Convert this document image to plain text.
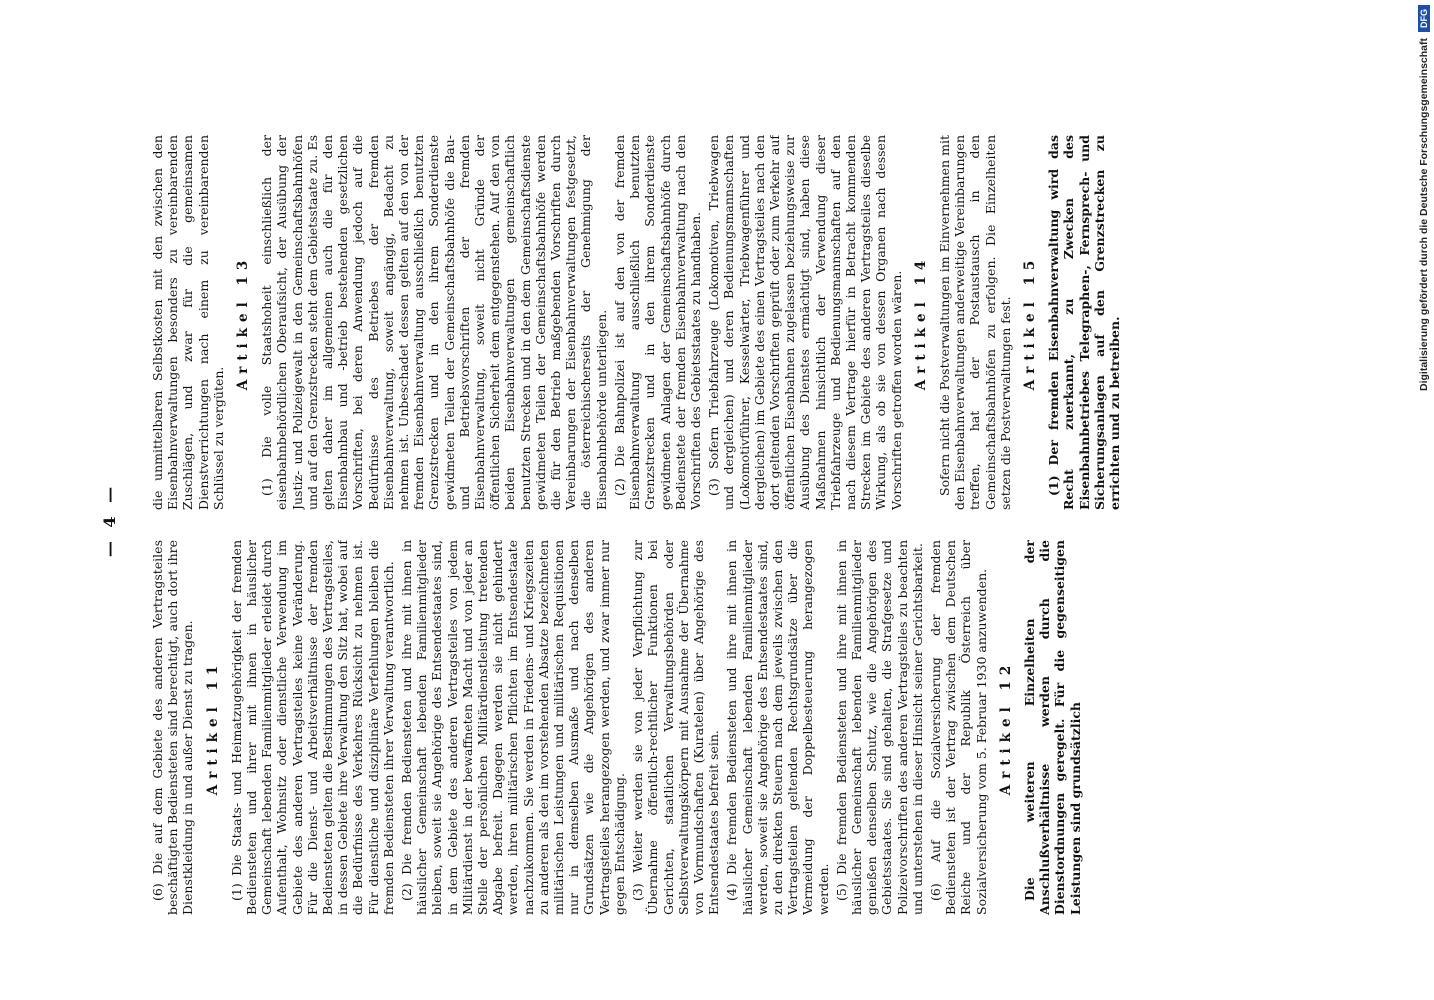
— 4 —

(6) Die auf dem Gebiete des anderen Vertragsteiles beschäftigten Bediensteten sind berechtigt, auch dort ihre Dienstkleidung in und außer Dienst zu tragen. Artikel 11 (1) Die Staats- und Heimatzugehörigkeit der fremden Bediensteten und ihrer mit ihnen in häuslicher Gemeinschaft lebenden Familienmitglieder erleidet durch Aufenthalt, Wohnsitz oder dienstliche Verwendung im Gebiete des anderen Vertragsteiles keine Veränderung. Für die Dienst- und Arbeitsverhältnisse der fremden Bediensteten gelten die Bestimmungen des Vertragsteiles, in dessen Gebiete ihre Verwaltung den Sitz hat, wobei auf die Bedürfnisse des Verkehres Rücksicht zu nehmen ist. Für dienstliche und disziplinäre Verfehlungen bleiben die fremden Bediensteten ihrer Verwaltung verantwortlich. (2) Die fremden Bediensteten und ihre mit ihnen in häuslicher Gemeinschaft lebenden Familienmitglieder bleiben, soweit sie Angehörige des Entsendestaates sind, in dem Gebiete des anderen Vertragsteiles von jedem Militärdienst in der bewaffneten Macht und von jeder an Stelle der persönlichen Militärdienstleistung tretenden Abgabe befreit. Dagegen werden sie nicht gehindert werden, ihren militärischen Pflichten im Entsendestaate nachzukommen. Sie werden in Friedens- und Kriegszeiten zu anderen als den im vorstehenden Absatze bezeichneten militärischen Leistungen und militärischen Requisitionen nur in demselben Ausmaße und nach denselben Grundsätzen wie die Angehörigen des anderen Vertragsteiles herangezogen werden, und zwar immer nur gegen Entschädigung. (3) Weiter werden sie von jeder Verpflichtung zur Übernahme öffentlich-rechtlicher Funktionen bei Gerichten, staatlichen Verwaltungsbehörden oder Selbstverwaltungskörpern mit Ausnahme der Übernahme von Vormundschaften (Kuratelen) über Angehörige des Entsendestaates befreit sein. (4) Die fremden Bediensteten und ihre mit ihnen in häuslicher Gemeinschaft lebenden Familienmitglieder werden, soweit sie Angehörige des Entsendestaates sind, zu den direkten Steuern nach dem jeweils zwischen den Vertragsteilen geltenden Rechtsgrundsätze über die Vermeidung der Doppelbesteuerung herangezogen werden. (5) Die fremden Bediensteten und ihre mit ihnen in häuslicher Gemeinschaft lebenden Familienmitglieder genießen denselben Schutz, wie die Angehörigen des Gebietsstaates. Sie sind gehalten, die Strafgesetze und Polizeivorschriften des anderen Vertragsteiles zu beachten und unterstehen in dieser Hinsicht seiner Gerichtsbarkeit. (6) Auf die Sozialversicherung der fremden Bediensteten ist der Vertrag zwischen dem Deutschen Reiche und der Republik Österreich über Sozialversicherung vom 5. Februar 1930 anzuwenden. Artikel 12 Die weiteren Einzelheiten der Anschlußverhältnisse werden durch die Dienstordnungen geregelt. Für die gegenseitigen Leistungen sind grundsätzlich

die unmittelbaren Selbstkosten mit den zwischen den Eisenbahnverwaltungen besonders zu vereinbarenden Zuschlägen, und zwar für die gemeinsamen Dienstverrichtungen nach einem zu vereinbarenden Schlüssel zu vergüten.

Artikel 13 (1) Die volle Staatshoheit einschließlich der eisenbahnbehördlichen Oberaufsicht, der Ausübung der Justiz- und Polizeigewalt in den Gemeinschaftsbahnhöfen und auf den Grenzstrecken steht dem Gebietsstaate zu. Es gelten daher im allgemeinen auch die für den Eisenbahnbau und -betrieb bestehenden gesetzlichen Vorschriften, bei deren Anwendung jedoch auf die Bedürfnisse des Betriebes der fremden Eisenbahnverwaltung, soweit angängig, Bedacht zu nehmen ist. Unbeschadet dessen gelten auf den von der fremden Eisenbahnverwaltung ausschließlich benutzten Grenzstrecken und in den ihrem Sonderdienste gewidmeten Teilen der Gemeinschaftsbahnhöfe die Bau- und Betriebsvorschriften der fremden Eisenbahnverwaltung, soweit nicht Gründe der öffentlichen Sicherheit dem entgegenstehen. Auf den von beiden Eisenbahnverwaltungen gemeinschaftlich benutzten Strecken und in den dem Gemeinschaftsdienste gewidmeten Teilen der Gemeinschaftsbahnhöfe werden die für den Betrieb maßgebenden Vorschriften durch Vereinbarungen der Eisenbahnverwaltungen festgesetzt, die österreichischerseits der Genehmigung der Eisenbahnbehörde unterliegen. (2) Die Bahnpolizei ist auf den von der fremden Eisenbahnverwaltung ausschließlich benutzten Grenzstrecken und in den ihrem Sonderdienste gewidmeten Anlagen der Gemeinschaftsbahnhöfe durch Bedienstete der fremden Eisenbahnverwaltung nach den Vorschriften des Gebietsstaates zu handhaben. (3) Sofern Triebfahrzeuge (Lokomotiven, Triebwagen und dergleichen) und deren Bedienungsmannschaften (Lokomotivführer, Kesselwärter, Triebwagenführer und dergleichen) im Gebiete des einen Vertragsteiles nach den dort geltenden Vorschriften geprüft oder zum Verkehr auf öffentlichen Eisenbahnen zugelassen beziehungsweise zur Ausübung des Dienstes ermächtigt sind, haben diese Maßnahmen hinsichtlich der Verwendung dieser Triebfahrzeuge und Bedienungsmannschaften auf den nach diesem Vertrage hierfür in Betracht kommenden Strecken im Gebiete des anderen Vertragsteiles dieselbe Wirkung, als ob sie von dessen Organen nach dessen Vorschriften getroffen worden wären. Artikel 14 Sofern nicht die Postverwaltungen im Einvernehmen mit den Eisenbahnverwaltungen anderweitige Vereinbarungen treffen, hat der Postaustausch in den Gemeinschaftsbahnhöfen zu erfolgen. Die Einzelheiten setzen die Postverwaltungen fest. Artikel 15 (1) Der fremden Eisenbahnverwaltung wird das Recht zuerkannt, zu Zwecken des Eisenbahnbetriebes Telegraphen-, Fernsprech- und Sicherungsanlagen auf den Grenzstrecken zu errichten und zu betreiben.

Digitalisierung gefördert durch die Deutsche Forschungsgemeinschaft
DFG
